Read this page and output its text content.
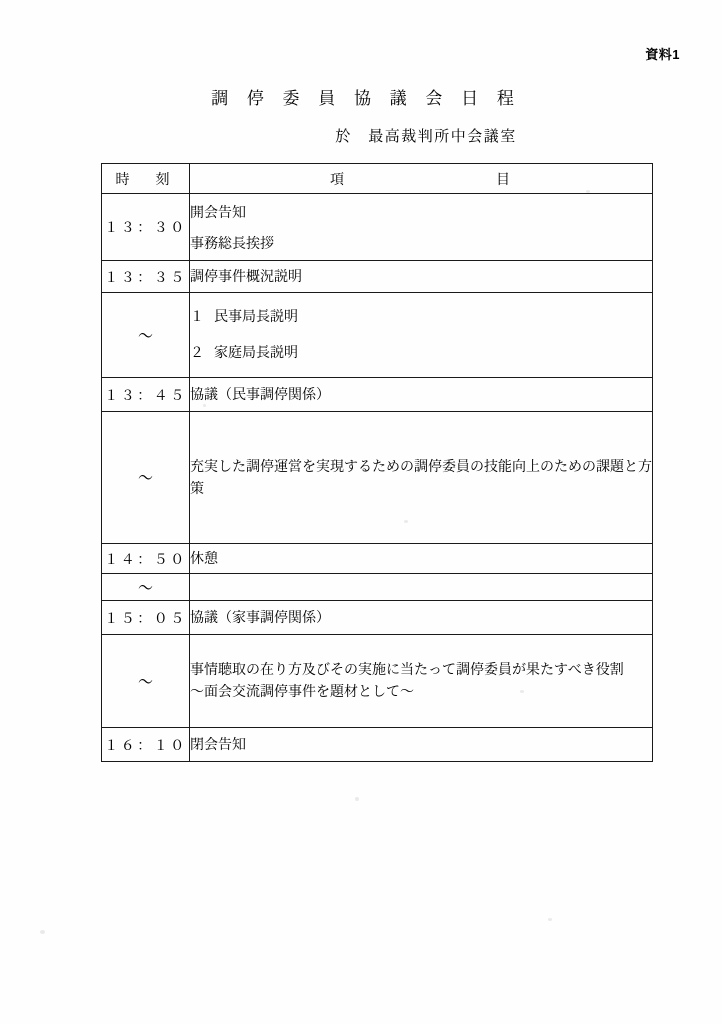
資料1
調 停 委 員 協 議 会 日 程
於　最高裁判所中会議室
時　刻	項 目
１３：３０	開会告知
事務総長挨拶

１３：３５	調停事件概況説明
〜	１ 民事局長説明
２ 家庭局長説明

１３：４５	協議（民事調停関係）
〜	充実した調停運営を実現するための調停委員の技能向上のための課題と方策
１４：５０	休憩
〜	
１５：０５	協議（家事調停関係）
〜	事情聴取の在り方及びその実施に当たって調停委員が果たすべき役割
〜面会交流調停事件を題材として〜

１６：１０	閉会告知
